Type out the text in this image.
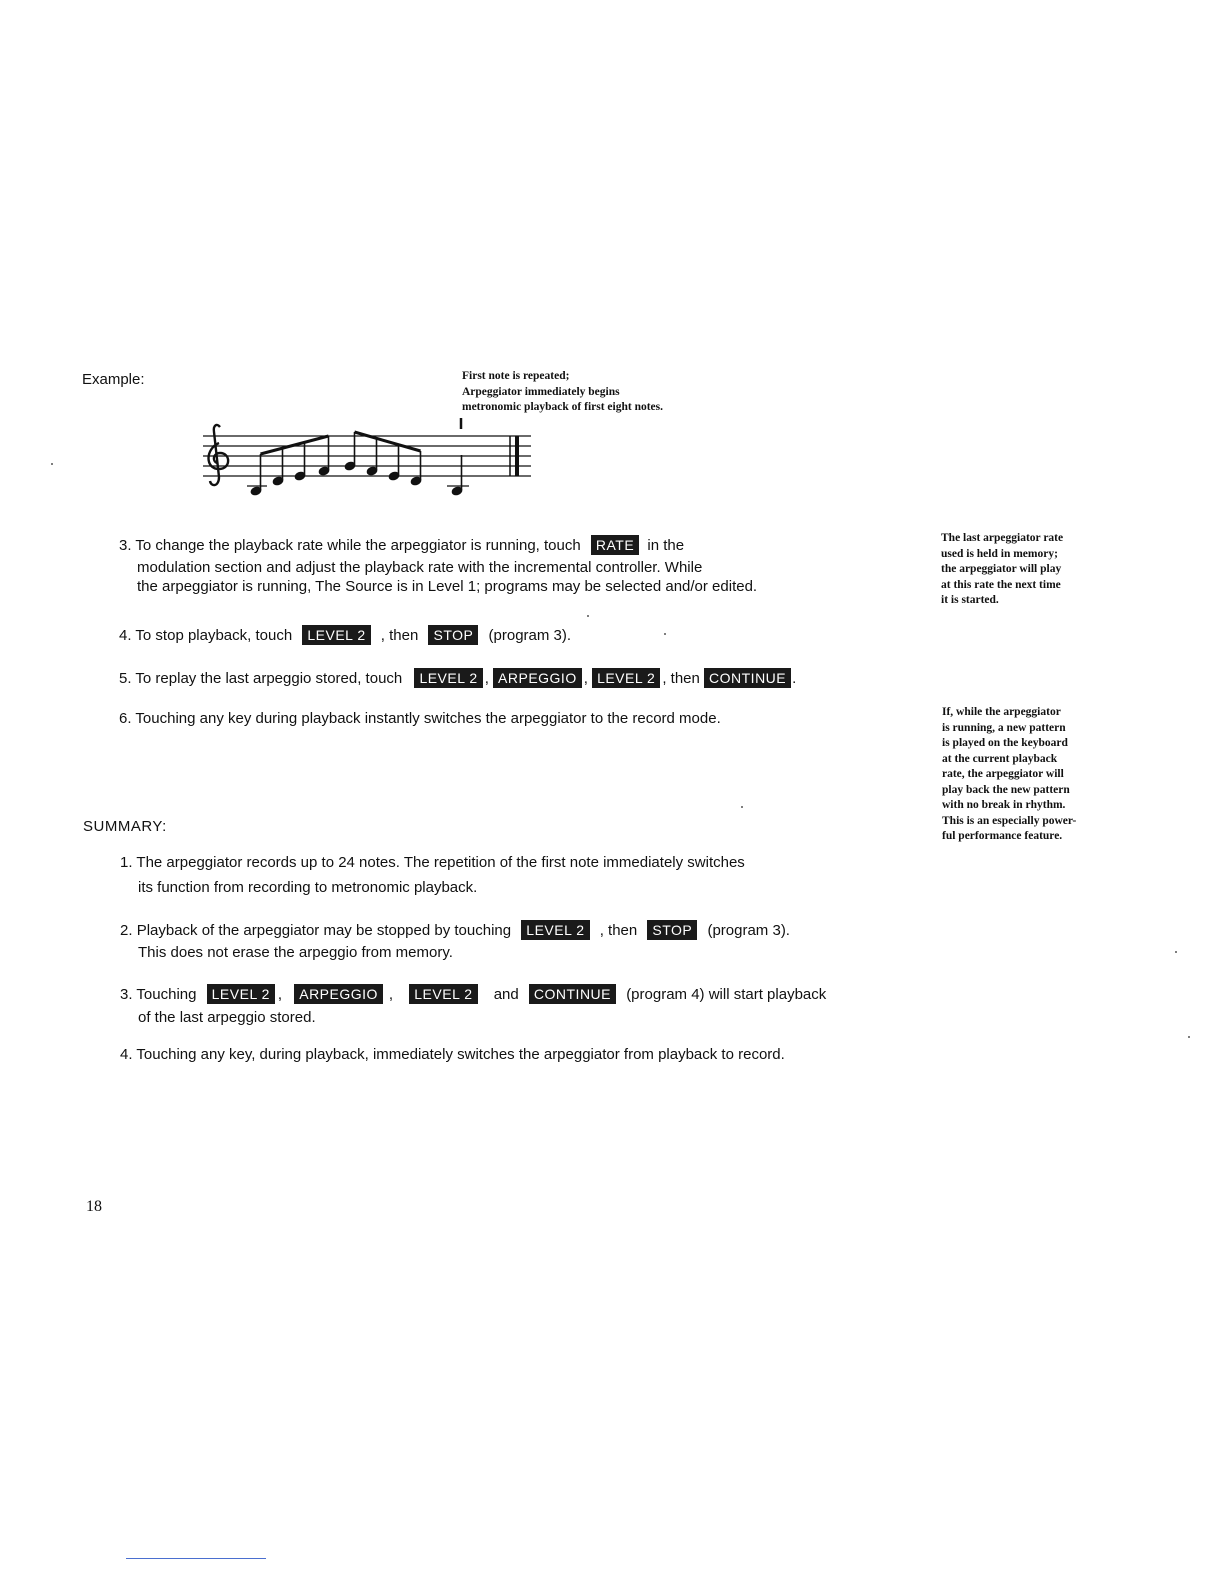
Example:	First note is repeated;
Arpeggiator immediately begins
metronomic playback of first eight notes.
3. To change the playback rate while the arpeggiator is running, touch RATE in the
modulation section and adjust the playback rate with the incremental controller. While
the arpeggiator is running, The Source is in Level 1; programs may be selected and/or edited.
4. To stop playback, touch LEVEL 2 , then STOP (program 3).
5. To replay the last arpeggio stored, touch LEVEL 2 , ARPEGGIO , LEVEL 2 , then CONTINUE .
6. Touching any key during playback instantly switches the arpeggiator to the record mode.
The last arpeggiator rate
used is held in memory;
the arpeggiator will play
at this rate the next time
it is started.
If, while the arpeggiator
is running, a new pattern
is played on the keyboard
at the current playback
rate, the arpeggiator will
play back the new pattern
with no break in rhythm.
This is an especially power-
ful performance feature.
SUMMARY:
1. The arpeggiator records up to 24 notes. The repetition of the first note immediately switches
its function from recording to metronomic playback.
2. Playback of the arpeggiator may be stopped by touching LEVEL 2 , then STOP (program 3).
This does not erase the arpeggio from memory.
3. Touching LEVEL 2 , ARPEGGIO , LEVEL 2 and CONTINUE (program 4) will start playback
of the last arpeggio stored.
4. Touching any key, during playback, immediately switches the arpeggiator from playback to record.
18
